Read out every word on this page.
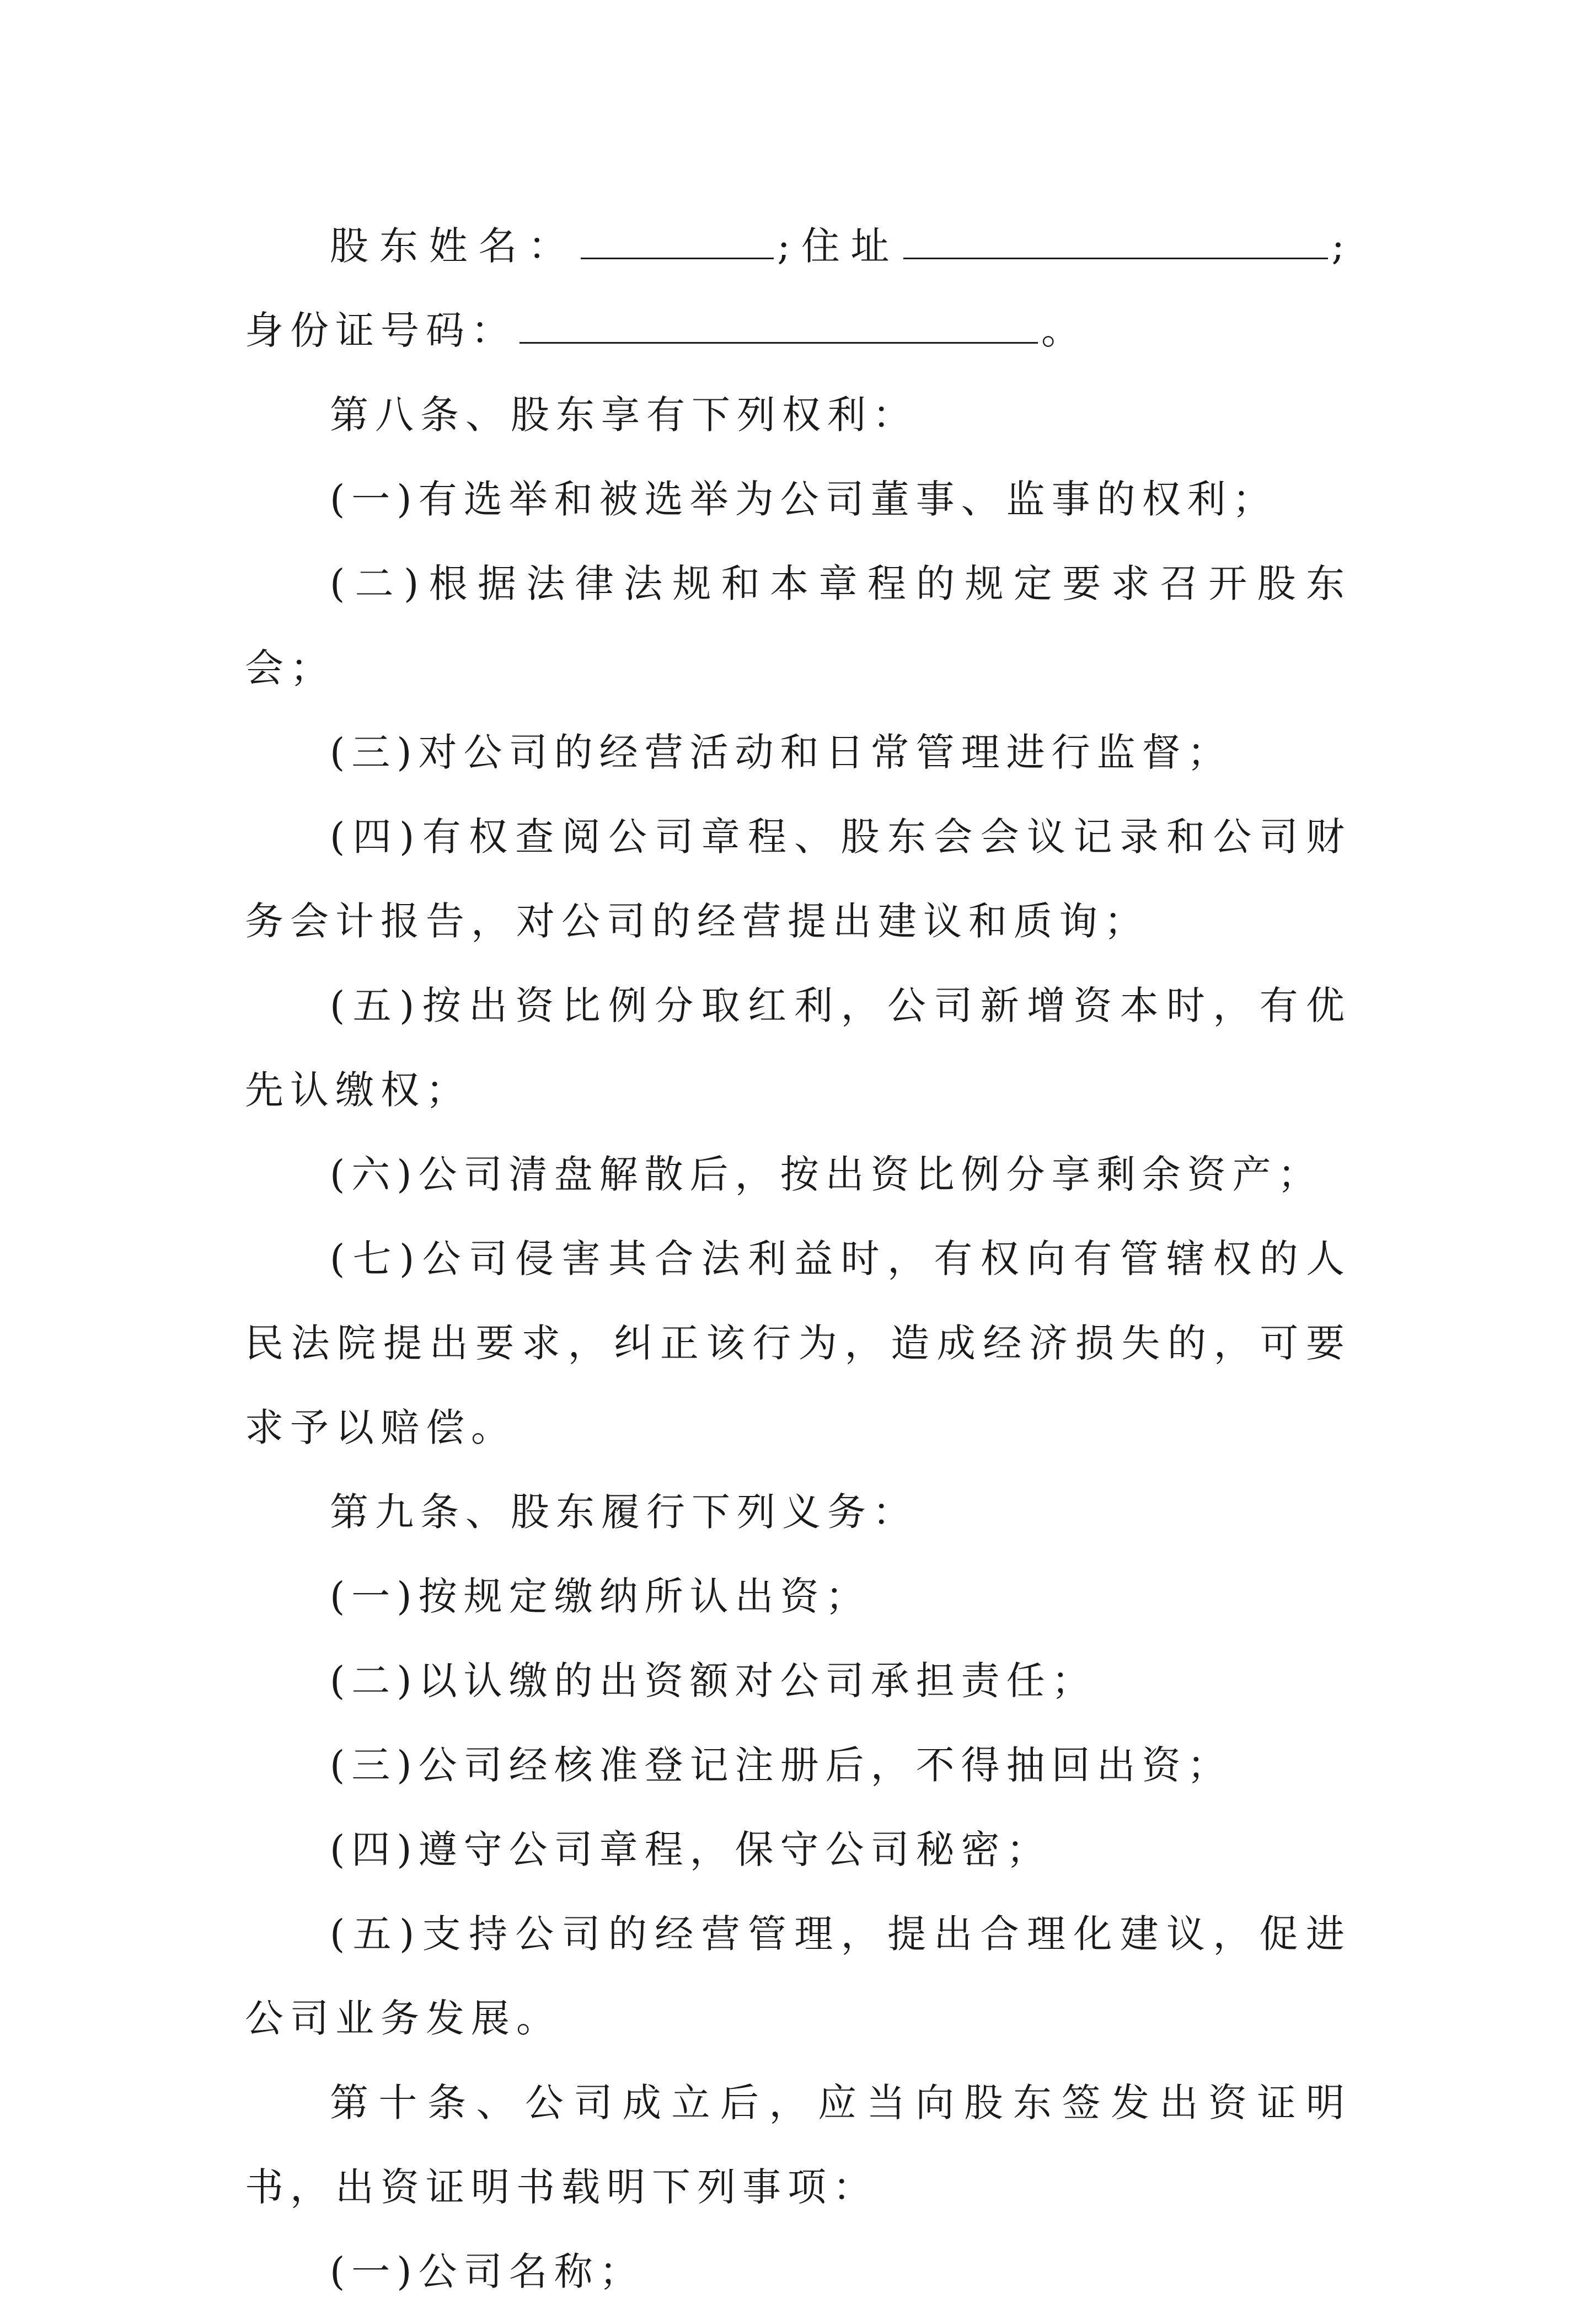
股东姓名：	;住址	;身份证号码：	。

第八条、股东享有下列权利：

(一)有选举和被选举为公司董事、监事的权利；

(二)根据法律法规和本章程的规定要求召开股东会；

(三)对公司的经营活动和日常管理进行监督；

(四)有权查阅公司章程、股东会会议记录和公司财务会计报告，对公司的经营提出建议和质询；

(五)按出资比例分取红利，公司新增资本时，有优先认缴权；

(六)公司清盘解散后，按出资比例分享剩余资产；

(七)公司侵害其合法利益时，有权向有管辖权的人民法院提出要求，纠正该行为，造成经济损失的，可要求予以赔偿。

第九条、股东履行下列义务：

(一)按规定缴纳所认出资；

(二)以认缴的出资额对公司承担责任；

(三)公司经核准登记注册后，不得抽回出资；

(四)遵守公司章程，保守公司秘密；

(五)支持公司的经营管理，提出合理化建议，促进公司业务发展。

第十条、公司成立后，应当向股东签发出资证明书，出资证明书载明下列事项：

(一)公司名称；
